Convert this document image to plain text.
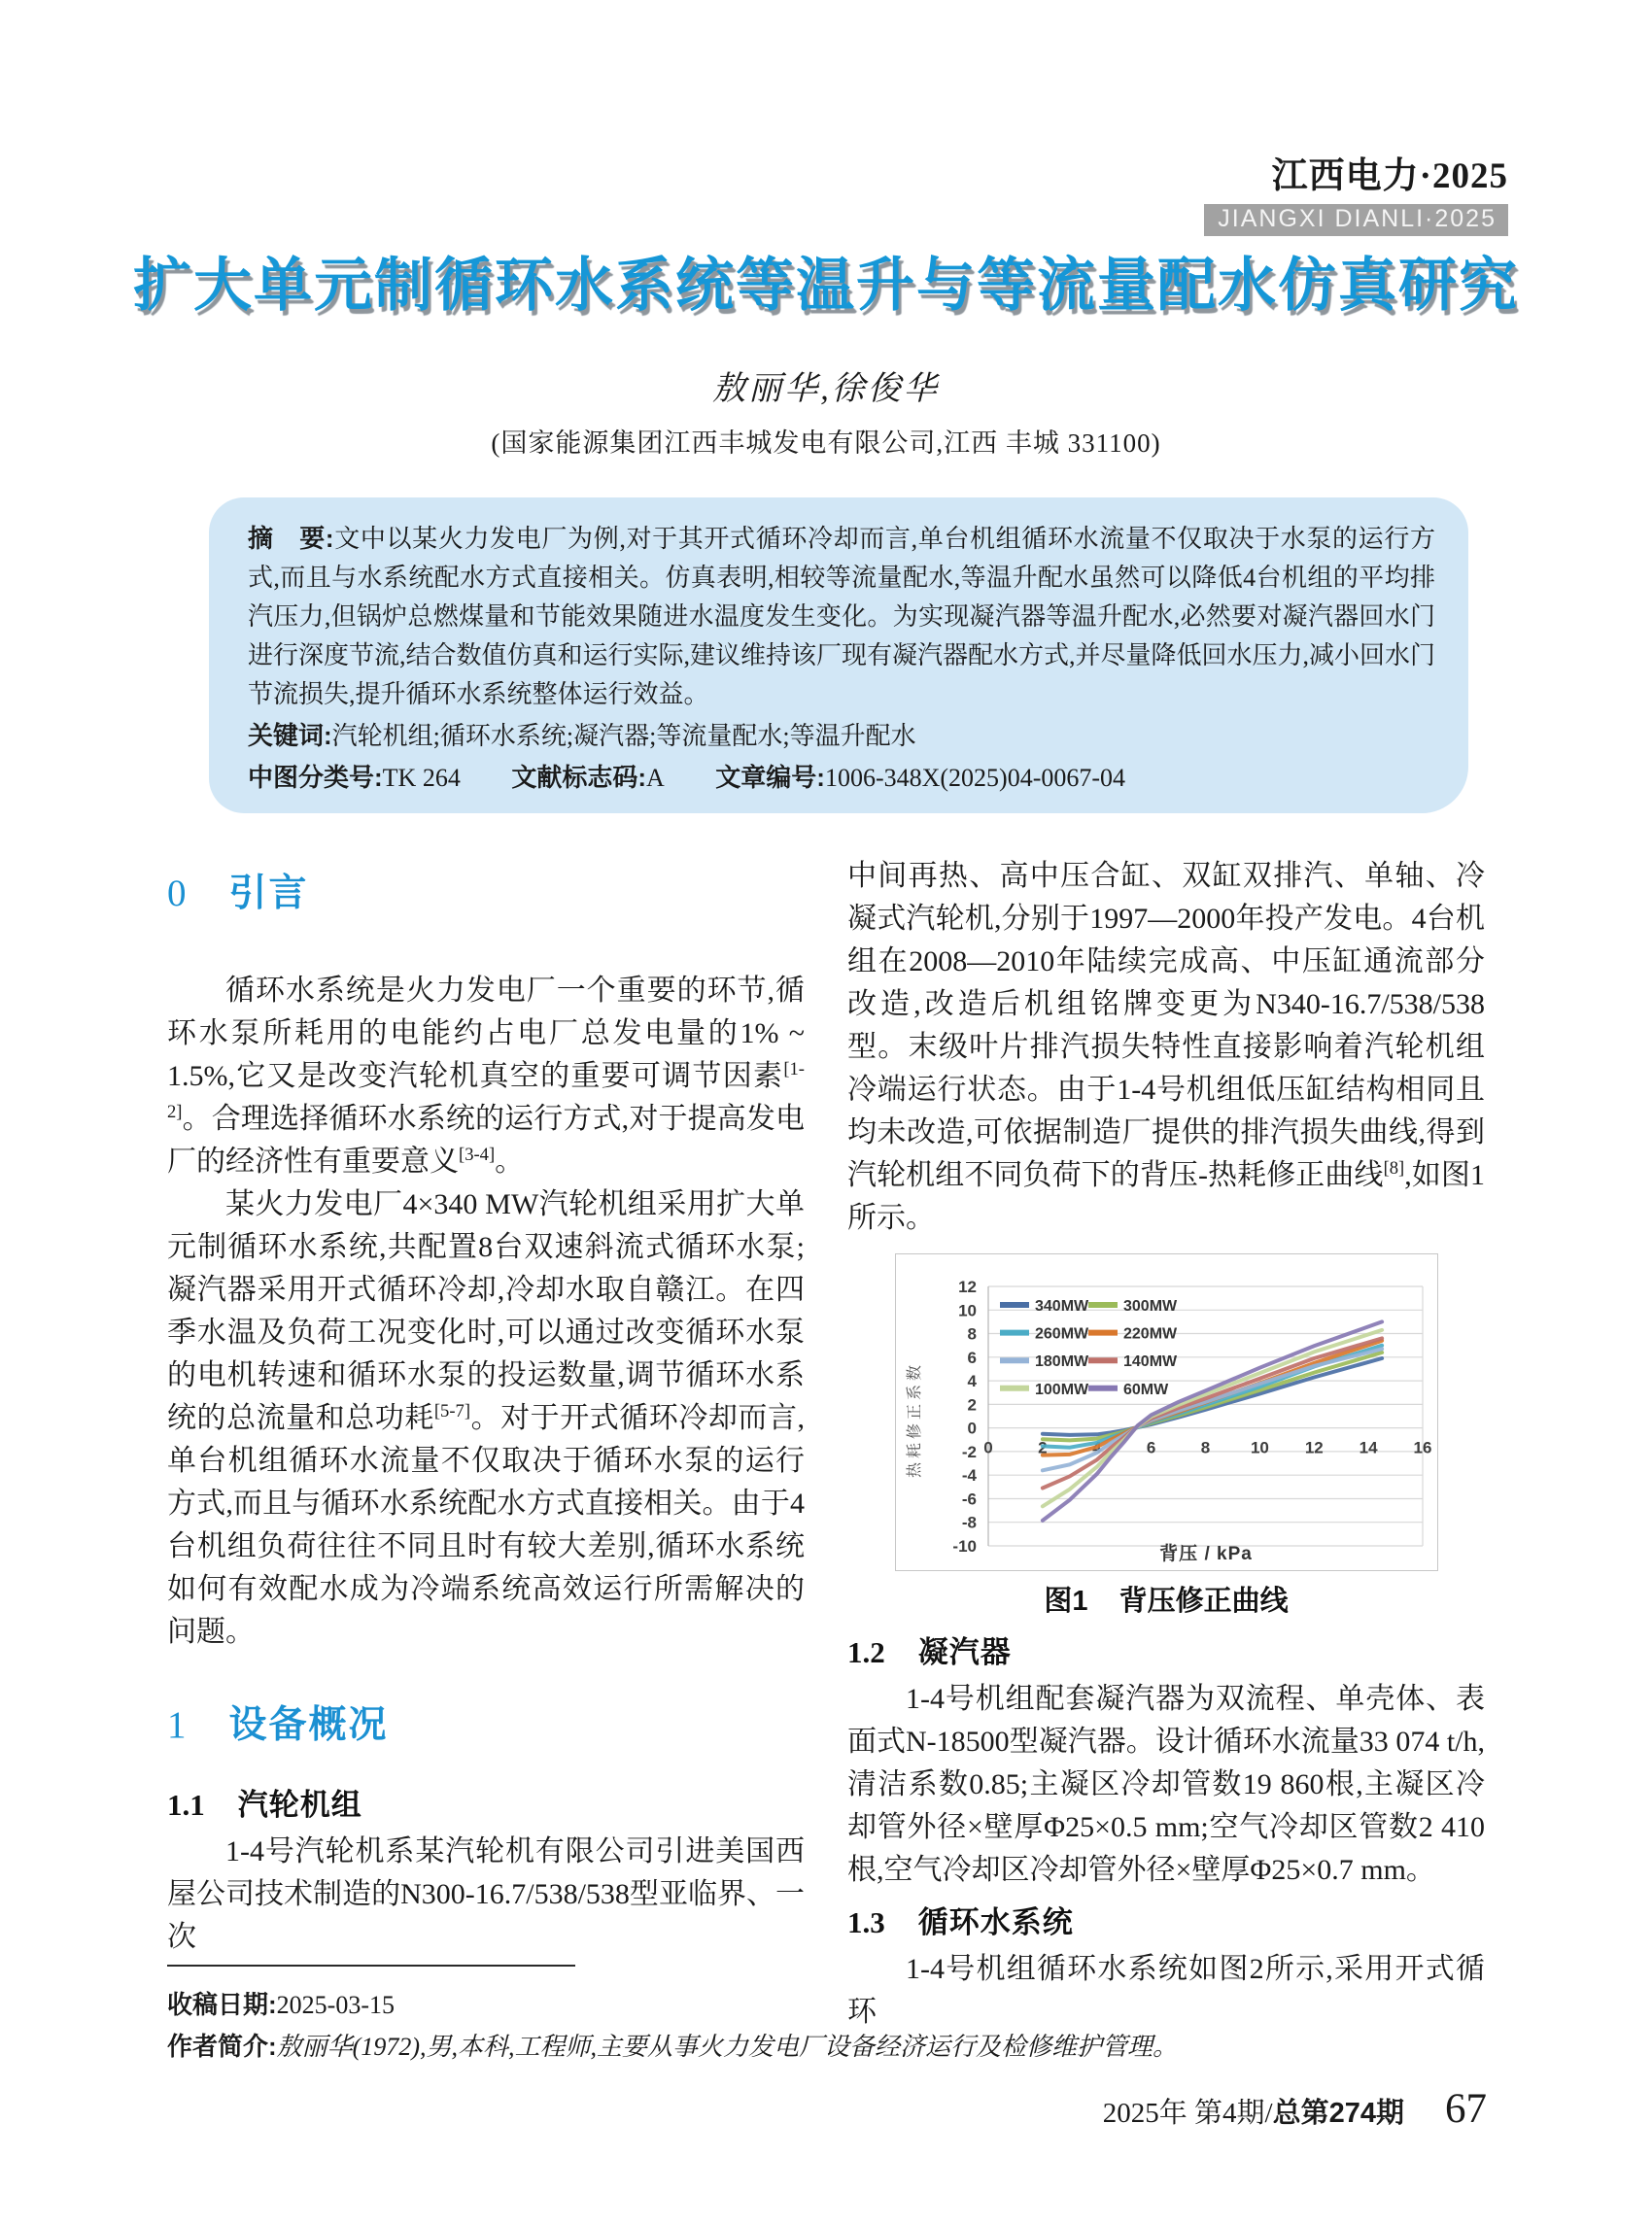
江西电力·2025
JIANGXI DIANLI·2025
扩大单元制循环水系统等温升与等流量配水仿真研究
敖丽华,徐俊华
(国家能源集团江西丰城发电有限公司,江西 丰城 331100)

摘　要:文中以某火力发电厂为例,对于其开式循环冷却而言,单台机组循环水流量不仅取决于水泵的运行方式,而且与水系统配水方式直接相关。仿真表明,相较等流量配水,等温升配水虽然可以降低4台机组的平均排汽压力,但锅炉总燃煤量和节能效果随进水温度发生变化。为实现凝汽器等温升配水,必然要对凝汽器回水门进行深度节流,结合数值仿真和运行实际,建议维持该厂现有凝汽器配水方式,并尽量降低回水压力,减小回水门节流损失,提升循环水系统整体运行效益。

关键词:汽轮机组;循环水系统;凝汽器;等流量配水;等温升配水

中图分类号:TK 264 文献标志码:A 文章编号:1006-348X(2025)04-0067-04

0 引言

循环水系统是火力发电厂一个重要的环节,循环水泵所耗用的电能约占电厂总发电量的1% ~ 1.5%,它又是改变汽轮机真空的重要可调节因素[1-2]。合理选择循环水系统的运行方式,对于提高发电厂的经济性有重要意义[3-4]。

某火力发电厂4×340 MW汽轮机组采用扩大单元制循环水系统,共配置8台双速斜流式循环水泵;凝汽器采用开式循环冷却,冷却水取自赣江。在四季水温及负荷工况变化时,可以通过改变循环水泵的电机转速和循环水泵的投运数量,调节循环水系统的总流量和总功耗[5-7]。对于开式循环冷却而言,单台机组循环水流量不仅取决于循环水泵的运行方式,而且与循环水系统配水方式直接相关。由于4台机组负荷往往不同且时有较大差别,循环水系统如何有效配水成为冷端系统高效运行所需解决的问题。

1 设备概况
1.1 汽轮机组

1-4号汽轮机系某汽轮机有限公司引进美国西屋公司技术制造的N300-16.7/538/538型亚临界、一次

中间再热、高中压合缸、双缸双排汽、单轴、冷凝式汽轮机,分别于1997—2000年投产发电。4台机组在2008—2010年陆续完成高、中压缸通流部分改造,改造后机组铭牌变更为N340-16.7/538/538型。末级叶片排汽损失特性直接影响着汽轮机组冷端运行状态。由于1-4号机组低压缸结构相同且均未改造,可依据制造厂提供的排汽损失曲线,得到汽轮机组不同负荷下的背压-热耗修正曲线[8],如图1所示。

-10
-8
-6
-4
-2
0
2
4
6
8
10
12
0	2	4	6	8 10 12 14 16
背压 / kPa
热耗修正系数
340MW 300MW
260MW 220MW
180MW 140MW
100MW 60MW
图1 背压修正曲线
1.2 凝汽器

1-4号机组配套凝汽器为双流程、单壳体、表面式N-18500型凝汽器。设计循环水流量33 074 t/h,清洁系数0.85;主凝区冷却管数19 860根,主凝区冷却管外径×壁厚Φ25×0.5 mm;空气冷却区管数2 410根,空气冷却区冷却管外径×壁厚Φ25×0.7 mm。

1.3 循环水系统

1-4号机组循环水系统如图2所示,采用开式循环

收稿日期:2025-03-15

作者简介:敖丽华(1972),男,本科,工程师,主要从事火力发电厂设备经济运行及检修维护管理。

2025年 第4期/ 总第274期 67
